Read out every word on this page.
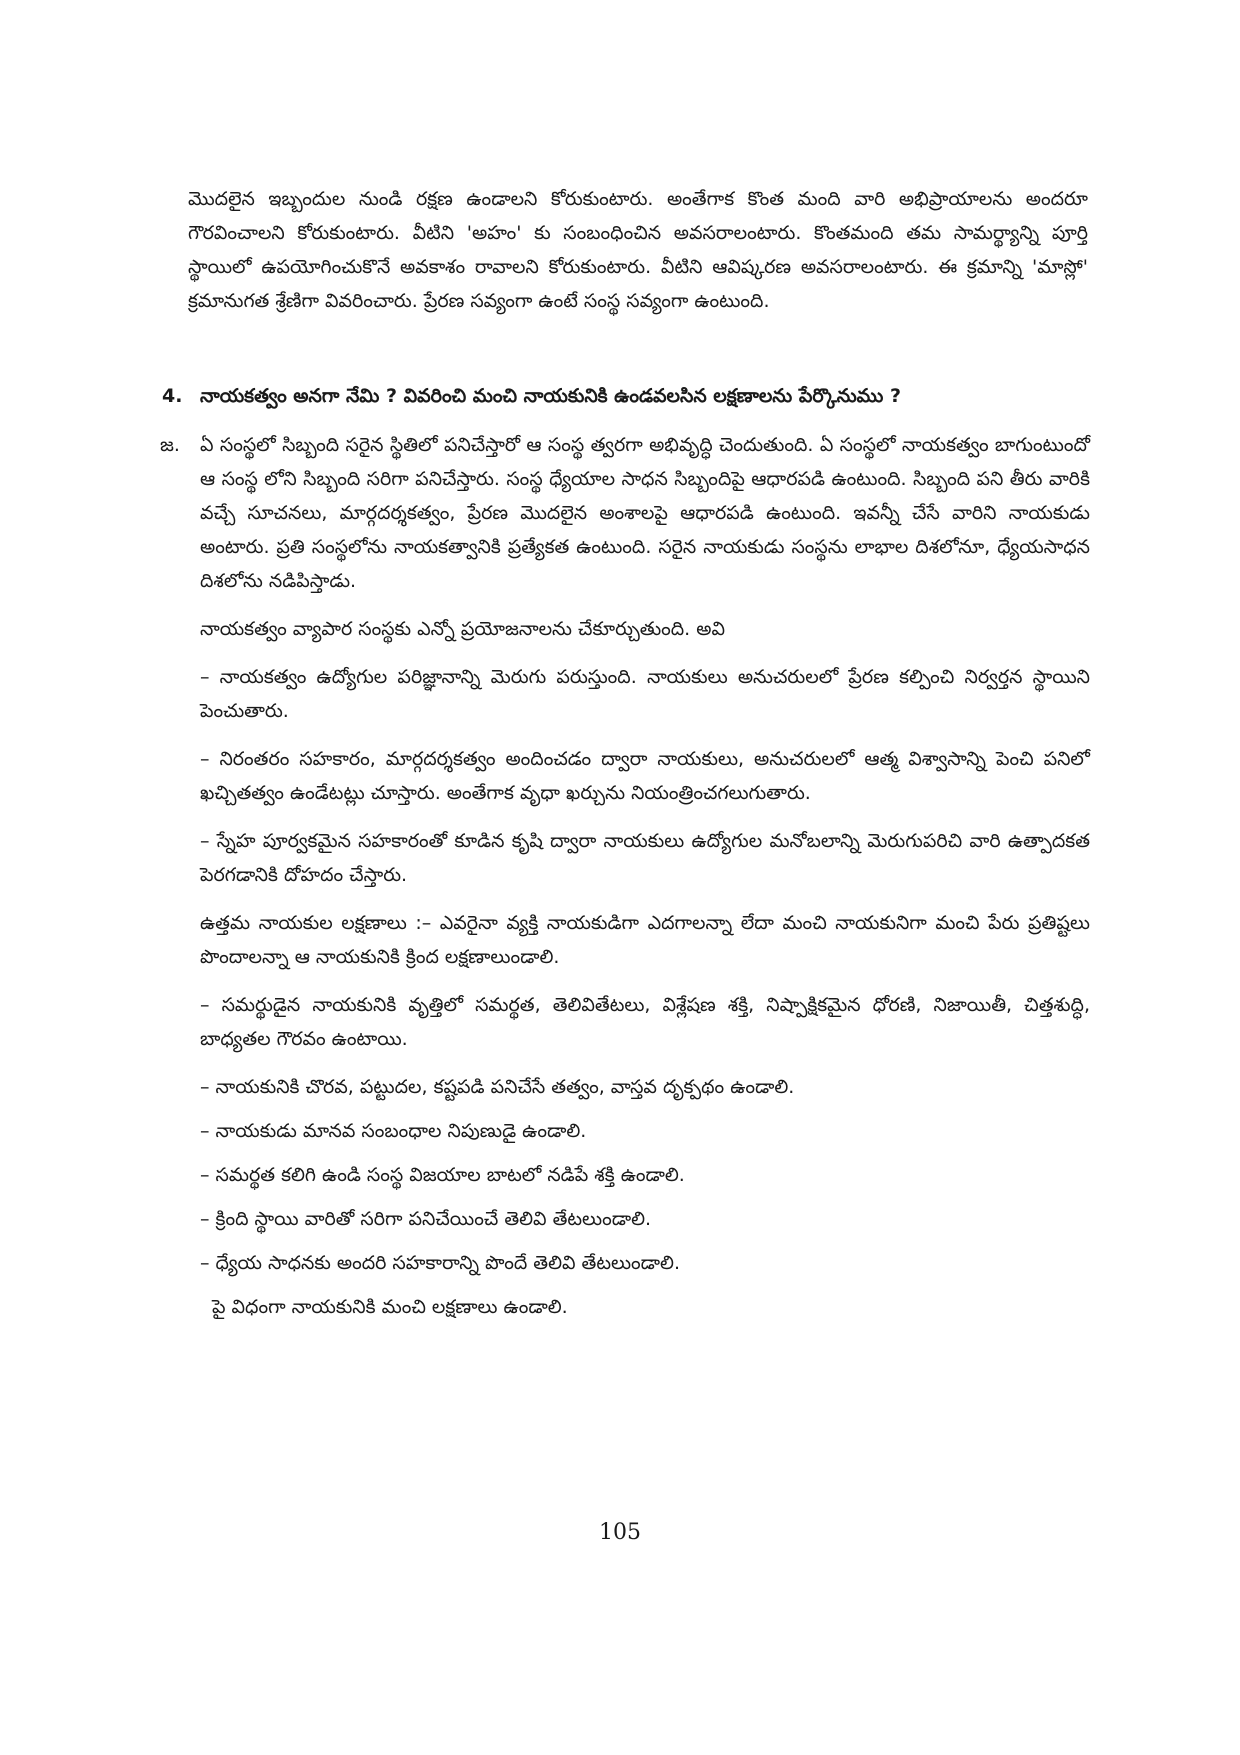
మొదలైన ఇబ్బందుల నుండి రక్షణ ఉండాలని కోరుకుంటారు. అంతేగాక కొంత మంది వారి అభిప్రాయాలను అందరూ గౌరవించాలని కోరుకుంటారు. వీటిని 'అహం' కు సంబంధించిన అవసరాలంటారు. కొంతమంది తమ సామర్థ్యాన్ని పూర్తి స్థాయిలో ఉపయోగించుకొనే అవకాశం రావాలని కోరుకుంటారు. వీటిని ఆవిష్కరణ అవసరాలంటారు. ఈ క్రమాన్ని 'మాస్లో' క్రమానుగత శ్రేణిగా వివరించారు. ప్రేరణ సవ్యంగా ఉంటే సంస్థ సవ్యంగా ఉంటుంది.

4. నాయకత్వం అనగా నేమి ? వివరించి మంచి నాయకునికి ఉండవలసిన లక్షణాలను పేర్కొనుము ?
జ.	ఏ సంస్థలో సిబ్బంది సరైన స్థితిలో పనిచేస్తారో ఆ సంస్థ త్వరగా అభివృద్ధి చెందుతుంది. ఏ సంస్థలో నాయకత్వం బాగుంటుందో ఆ సంస్థ లోని సిబ్బంది సరిగా పనిచేస్తారు. సంస్థ ధ్యేయాల సాధన సిబ్బందిపై ఆధారపడి ఉంటుంది. సిబ్బంది పని తీరు వారికి వచ్చే సూచనలు, మార్గదర్శకత్వం, ప్రేరణ మొదలైన అంశాలపై ఆధారపడి ఉంటుంది. ఇవన్నీ చేసే వారిని నాయకుడు అంటారు. ప్రతి సంస్థలోను నాయకత్వానికి ప్రత్యేకత ఉంటుంది. సరైన నాయకుడు సంస్థను లాభాల దిశలోనూ, ధ్యేయసాధన దిశలోను నడిపిస్తాడు.

నాయకత్వం వ్యాపార సంస్థకు ఎన్నో ప్రయోజనాలను చేకూర్చుతుంది. అవి

– నాయకత్వం ఉద్యోగుల పరిజ్ఞానాన్ని మెరుగు పరుస్తుంది. నాయకులు అనుచరులలో ప్రేరణ కల్పించి నిర్వర్తన స్థాయిని పెంచుతారు.

– నిరంతరం సహకారం, మార్గదర్శకత్వం అందించడం ద్వారా నాయకులు, అనుచరులలో ఆత్మ విశ్వాసాన్ని పెంచి పనిలో ఖచ్చితత్వం ఉండేటట్లు చూస్తారు. అంతేగాక వృధా ఖర్చును నియంత్రించగలుగుతారు.

– స్నేహ పూర్వకమైన సహకారంతో కూడిన కృషి ద్వారా నాయకులు ఉద్యోగుల మనోబలాన్ని మెరుగుపరిచి వారి ఉత్పాదకత పెరగడానికి దోహదం చేస్తారు.

ఉత్తమ నాయకుల లక్షణాలు :– ఎవరైనా వ్యక్తి నాయకుడిగా ఎదగాలన్నా లేదా మంచి నాయకునిగా మంచి పేరు ప్రతిష్టలు పొందాలన్నా ఆ నాయకునికి క్రింద లక్షణాలుండాలి.

– సమర్థుడైన నాయకునికి వృత్తిలో సమర్థత, తెలివితేటలు, విశ్లేషణ శక్తి, నిష్పాక్షికమైన ధోరణి, నిజాయితీ, చిత్తశుద్ధి, బాధ్యతల గౌరవం ఉంటాయి.

– నాయకునికి చొరవ, పట్టుదల, కష్టపడి పనిచేసే తత్వం, వాస్తవ దృక్పథం ఉండాలి.

– నాయకుడు మానవ సంబంధాల నిపుణుడై ఉండాలి.

– సమర్థత కలిగి ఉండి సంస్థ విజయాల బాటలో నడిపే శక్తి ఉండాలి.

– క్రింది స్థాయి వారితో సరిగా పనిచేయించే తెలివి తేటలుండాలి.

– ధ్యేయ సాధనకు అందరి సహకారాన్ని పొందే తెలివి తేటలుండాలి.

పై విధంగా నాయకునికి మంచి లక్షణాలు ఉండాలి.

105
